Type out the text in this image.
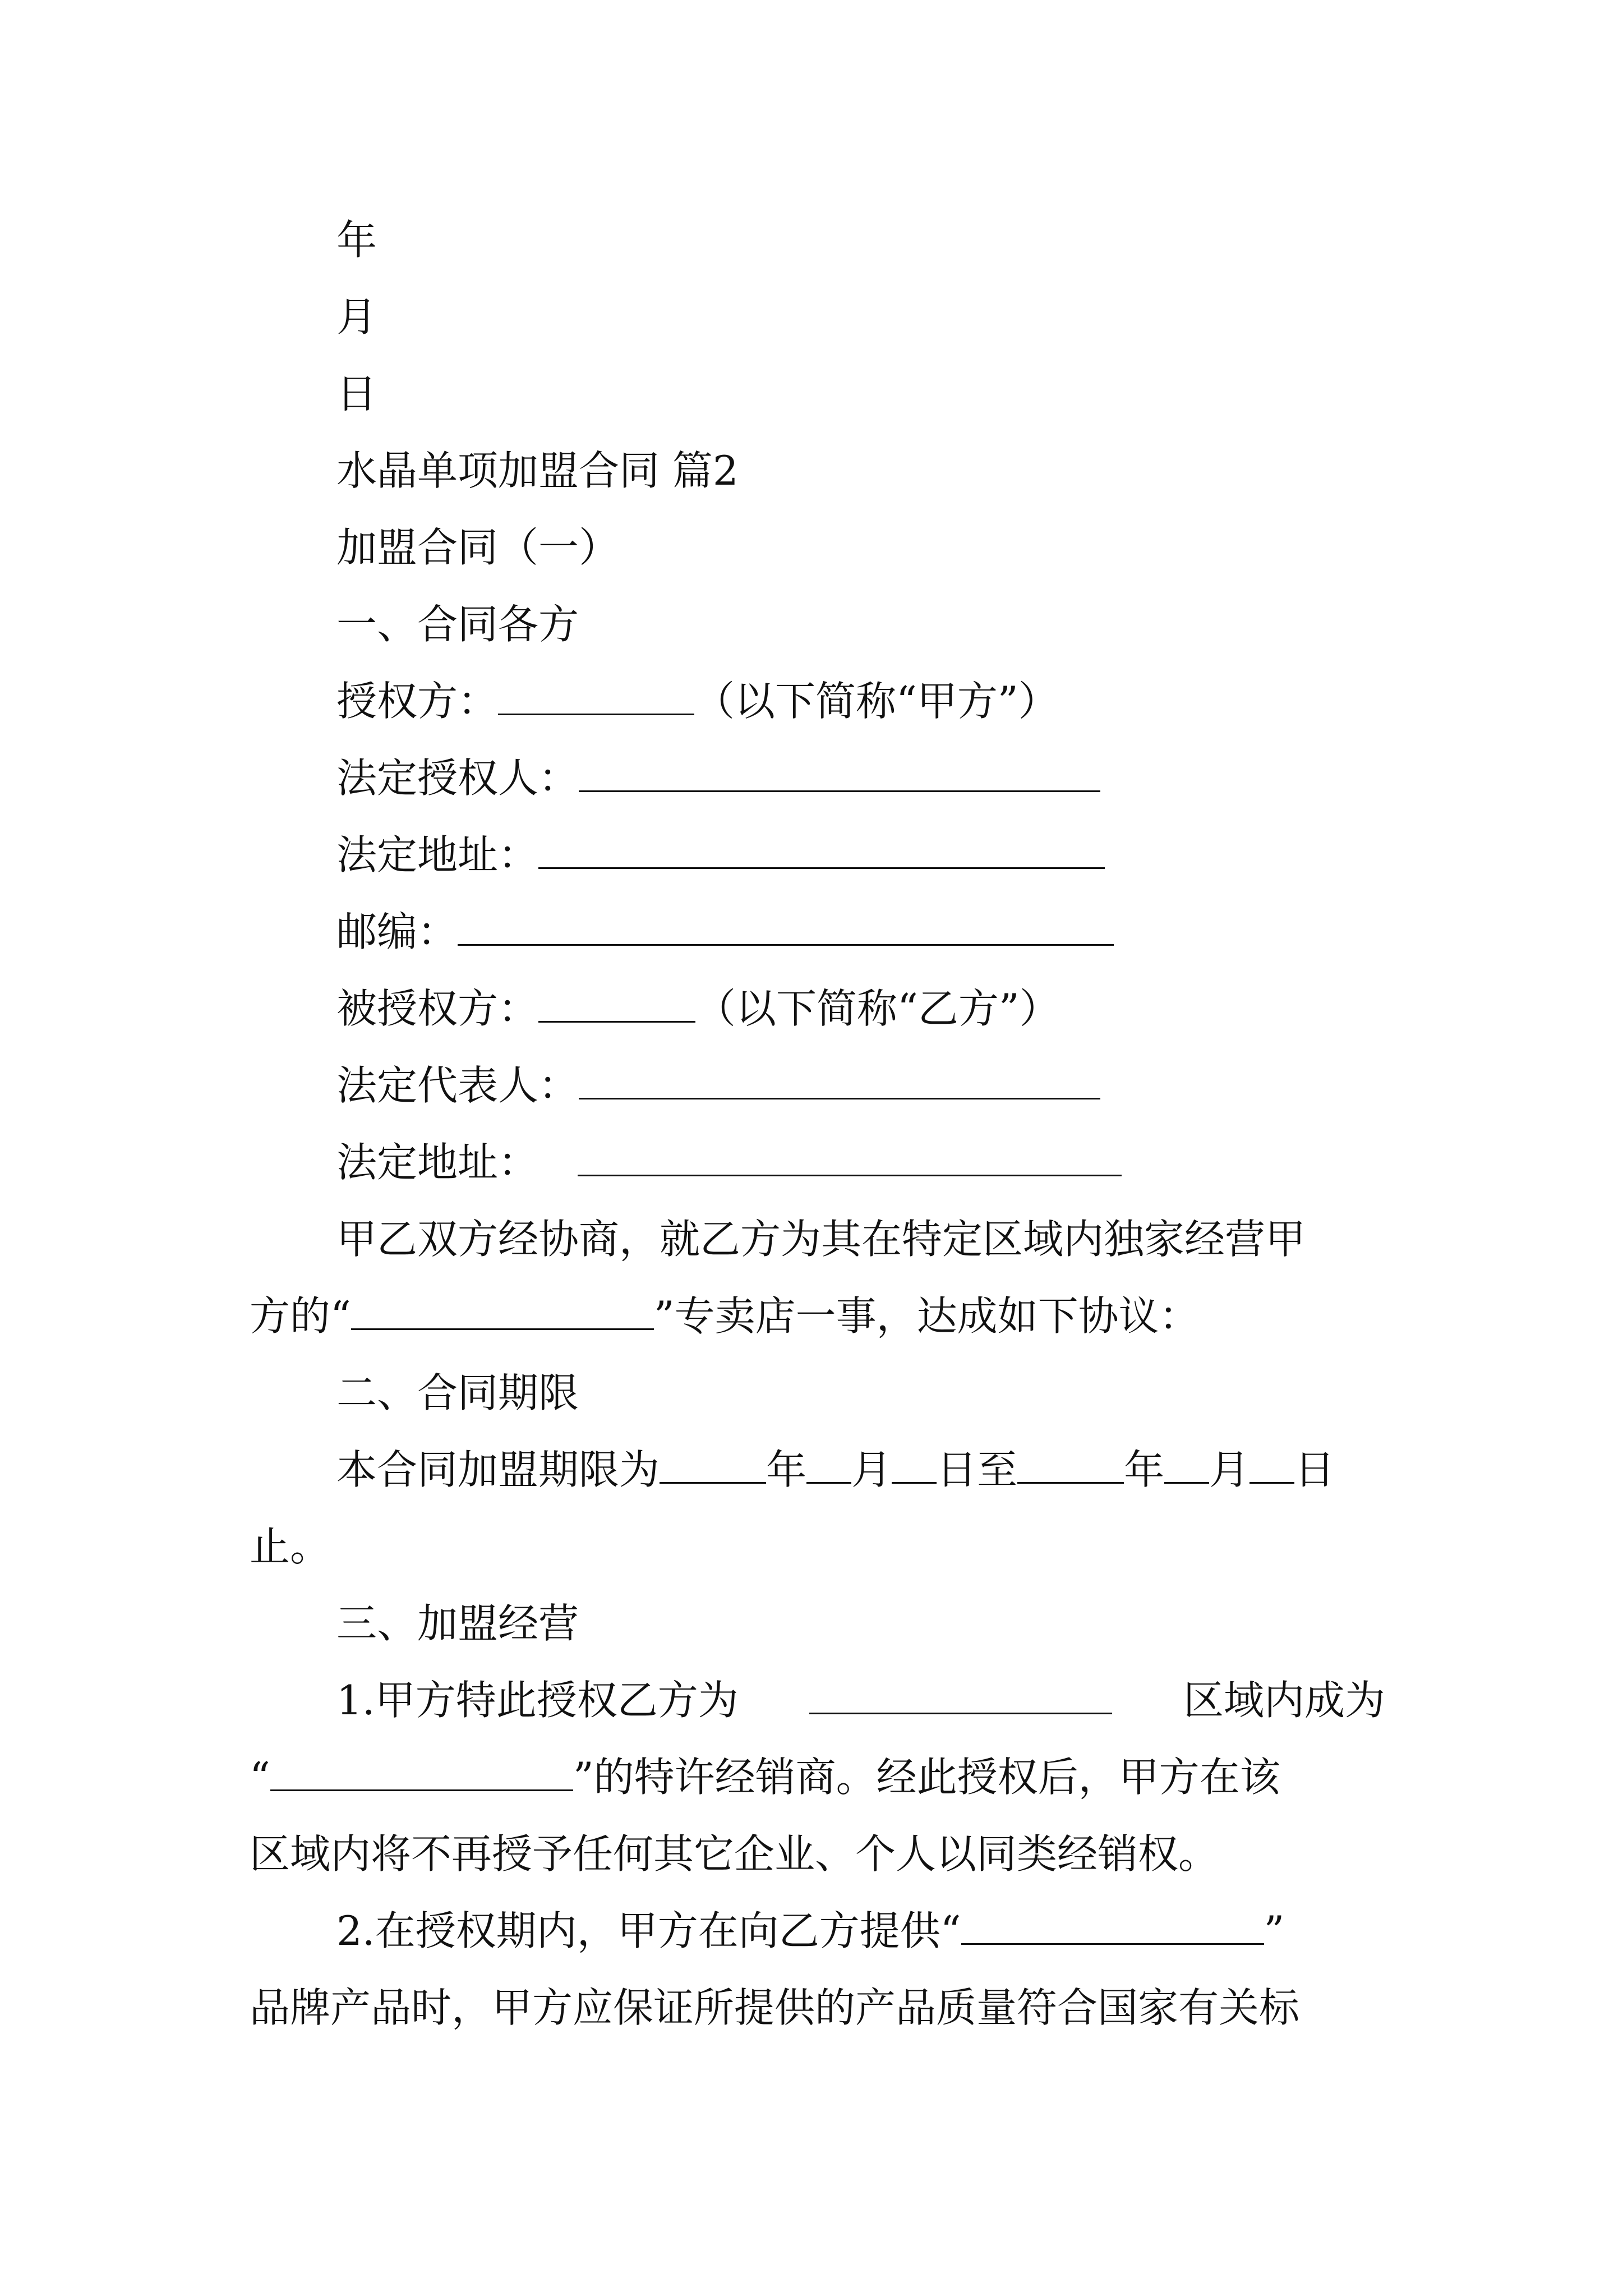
年
月
日
水晶单项加盟合同 篇2
加盟合同（一）
一、合同各方
授权方：	（以下简称“甲方”）
法定授权人：
法定地址：
邮编：
被授权方：	（以下简称“乙方”）
法定代表人：
法定地址：
甲乙双方经协商，就乙方为其在特定区域内独家经营甲
方的“	”专卖店一事，达成如下协议：
二、合同期限
本合同加盟期限为	年 月 日至	年 月 日
止。
三、加盟经营
1.甲方特此授权乙方为	区域内成为
“	”的特许经销商。经此授权后，甲方在该
区域内将不再授予任何其它企业、个人以同类经销权。
2.在授权期内，甲方在向乙方提供“	”
品牌产品时，甲方应保证所提供的产品质量符合国家有关标
